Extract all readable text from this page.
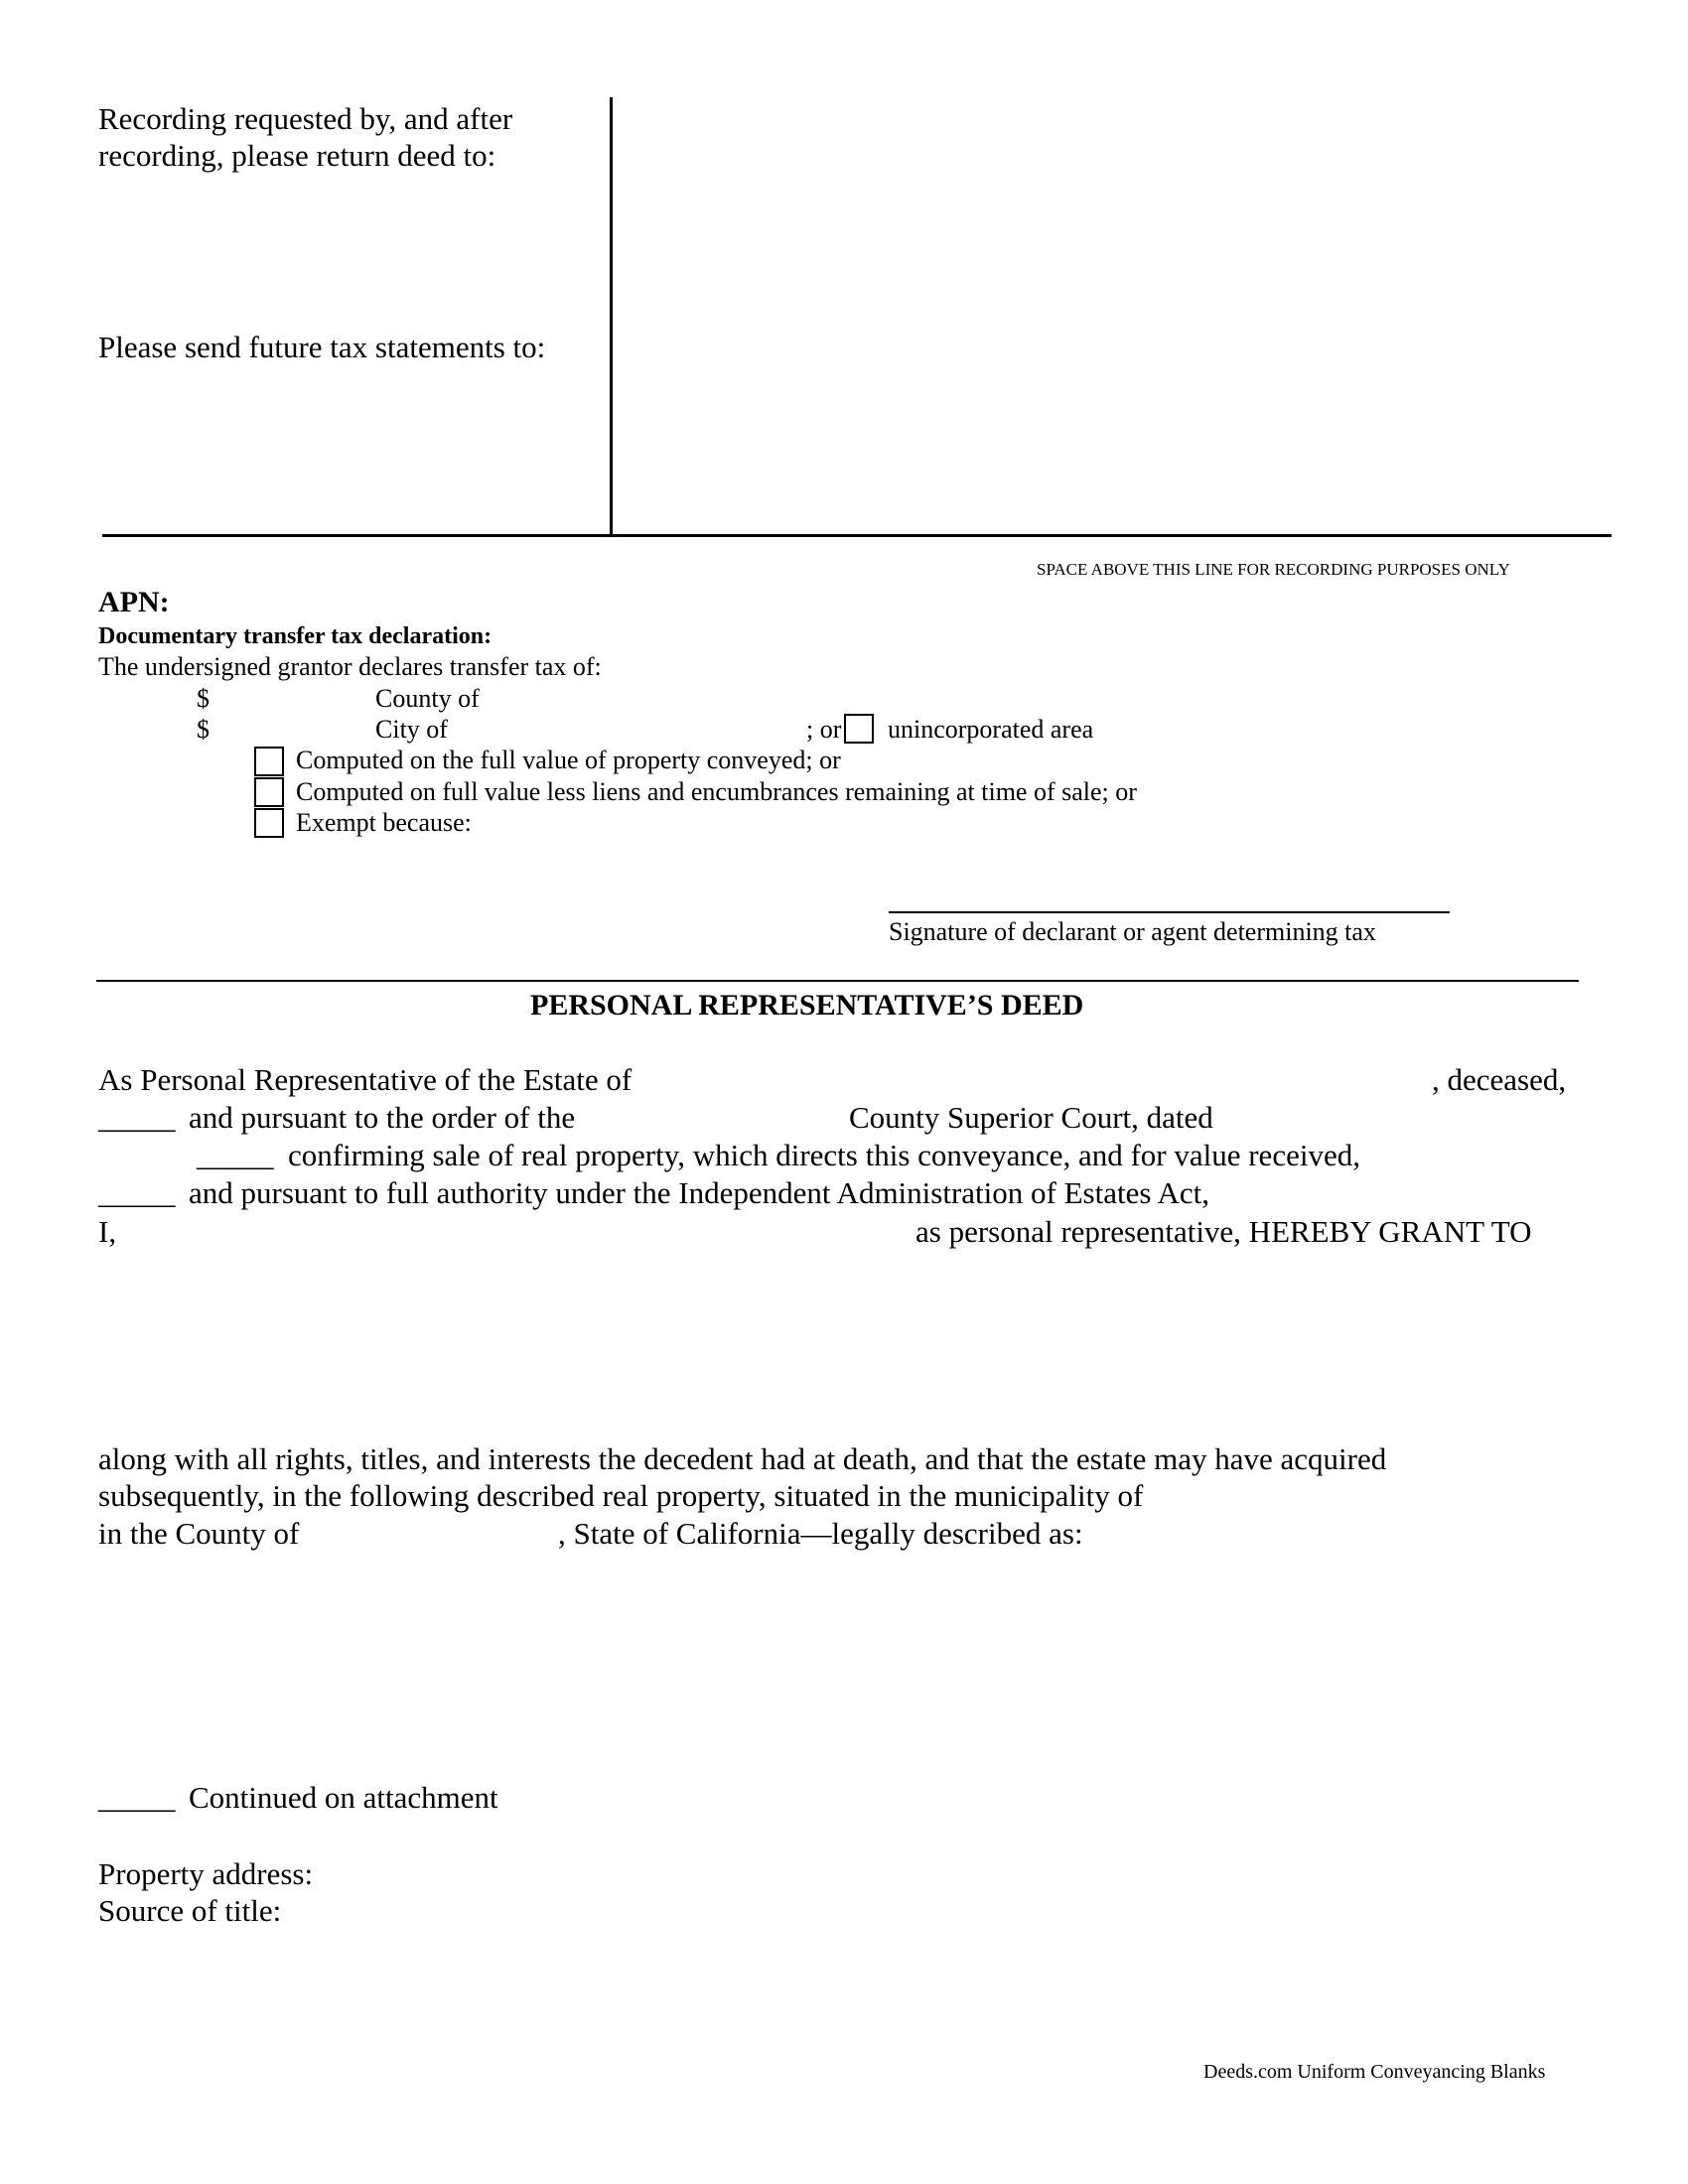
Recording requested by, and after
recording, please return deed to:
Please send future tax statements to:
SPACE ABOVE THIS LINE FOR RECORDING PURPOSES ONLY
APN:
Documentary transfer tax declaration:
The undersigned grantor declares transfer tax of:
$	County of
$	City of	; or unincorporated area
Computed on the full value of property conveyed; or
Computed on full value less liens and encumbrances remaining at time of sale; or
Exempt because:
Signature of declarant or agent determining tax
PERSONAL REPRESENTATIVE’S DEED
As Personal Representative of the Estate of	, deceased,
_____ and pursuant to the order of the	County Superior Court, dated
_____ confirming sale of real property, which directs this conveyance, and for value received,
_____ and pursuant to full authority under the Independent Administration of Estates Act,
I,	as personal representative, HEREBY GRANT TO
along with all rights, titles, and interests the decedent had at death, and that the estate may have acquired
subsequently, in the following described real property, situated in the municipality of
in the County of	, State of California—legally described as:
_____ Continued on attachment
Property address:
Source of title:
Deeds.com Uniform Conveyancing Blanks
